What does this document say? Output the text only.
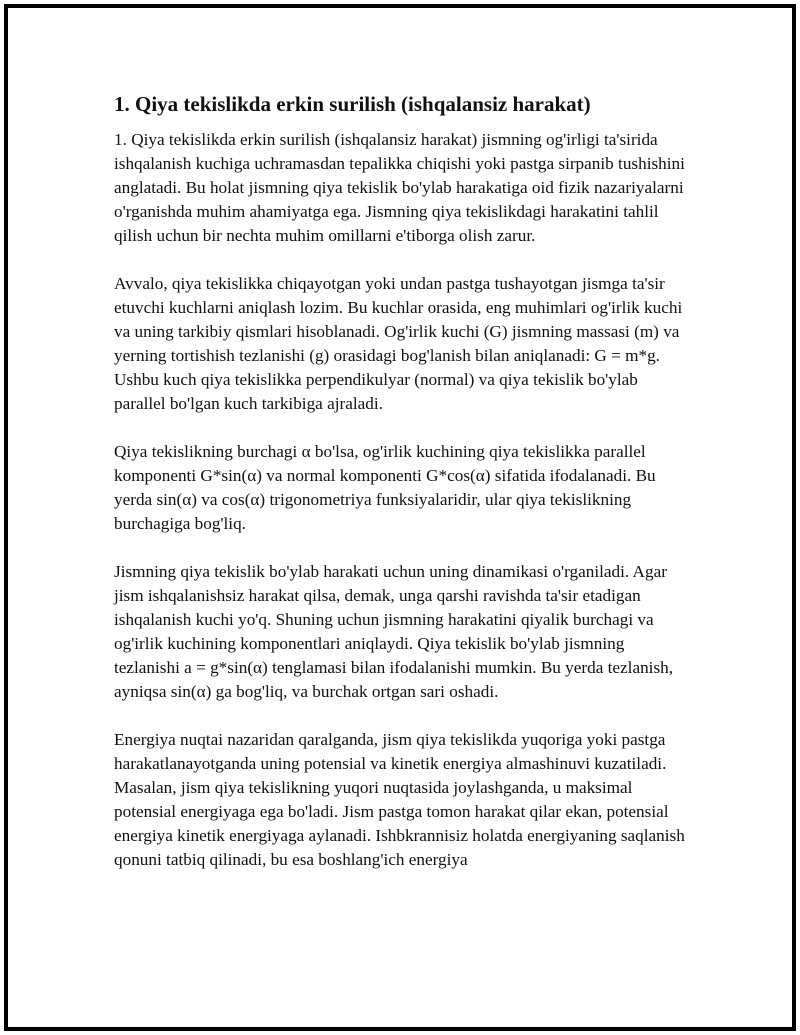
1. Qiya tekislikda erkin surilish (ishqalansiz harakat)

1. Qiya tekislikda erkin surilish (ishqalansiz harakat) jismning og'irligi ta'sirida ishqalanish kuchiga uchramasdan tepalikka chiqishi yoki pastga sirpanib tushishini anglatadi. Bu holat jismning qiya tekislik bo'ylab harakatiga oid fizik nazariyalarni o'rganishda muhim ahamiyatga ega. Jismning qiya tekislikdagi harakatini tahlil qilish uchun bir nechta muhim omillarni e'tiborga olish zarur.

Avvalo, qiya tekislikka chiqayotgan yoki undan pastga tushayotgan jismga ta'sir etuvchi kuchlarni aniqlash lozim. Bu kuchlar orasida, eng muhimlari og'irlik kuchi va uning tarkibiy qismlari hisoblanadi. Og'irlik kuchi (G) jismning massasi (m) va yerning tortishish tezlanishi (g) orasidagi bog'lanish bilan aniqlanadi: G = m*g. Ushbu kuch qiya tekislikka perpendikulyar (normal) va qiya tekislik bo'ylab parallel bo'lgan kuch tarkibiga ajraladi.

Qiya tekislikning burchagi α bo'lsa, og'irlik kuchining qiya tekislikka parallel komponenti G*sin(α) va normal komponenti G*cos(α) sifatida ifodalanadi. Bu yerda sin(α) va cos(α) trigonometriya funksiyalaridir, ular qiya tekislikning burchagiga bog'liq.

Jismning qiya tekislik bo'ylab harakati uchun uning dinamikasi o'rganiladi. Agar jism ishqalanishsiz harakat qilsa, demak, unga qarshi ravishda ta'sir etadigan ishqalanish kuchi yo'q. Shuning uchun jismning harakatini qiyalik burchagi va og'irlik kuchining komponentlari aniqlaydi. Qiya tekislik bo'ylab jismning tezlanishi a = g*sin(α) tenglamasi bilan ifodalanishi mumkin. Bu yerda tezlanish, ayniqsa sin(α) ga bog'liq, va burchak ortgan sari oshadi.

Energiya nuqtai nazaridan qaralganda, jism qiya tekislikda yuqoriga yoki pastga harakatlanayotganda uning potensial va kinetik energiya almashinuvi kuzatiladi. Masalan, jism qiya tekislikning yuqori nuqtasida joylashganda, u maksimal potensial energiyaga ega bo'ladi. Jism pastga tomon harakat qilar ekan, potensial energiya kinetik energiyaga aylanadi. Ishbkrannisiz holatda energiyaning saqlanish qonuni tatbiq qilinadi, bu esa boshlang'ich energiya
